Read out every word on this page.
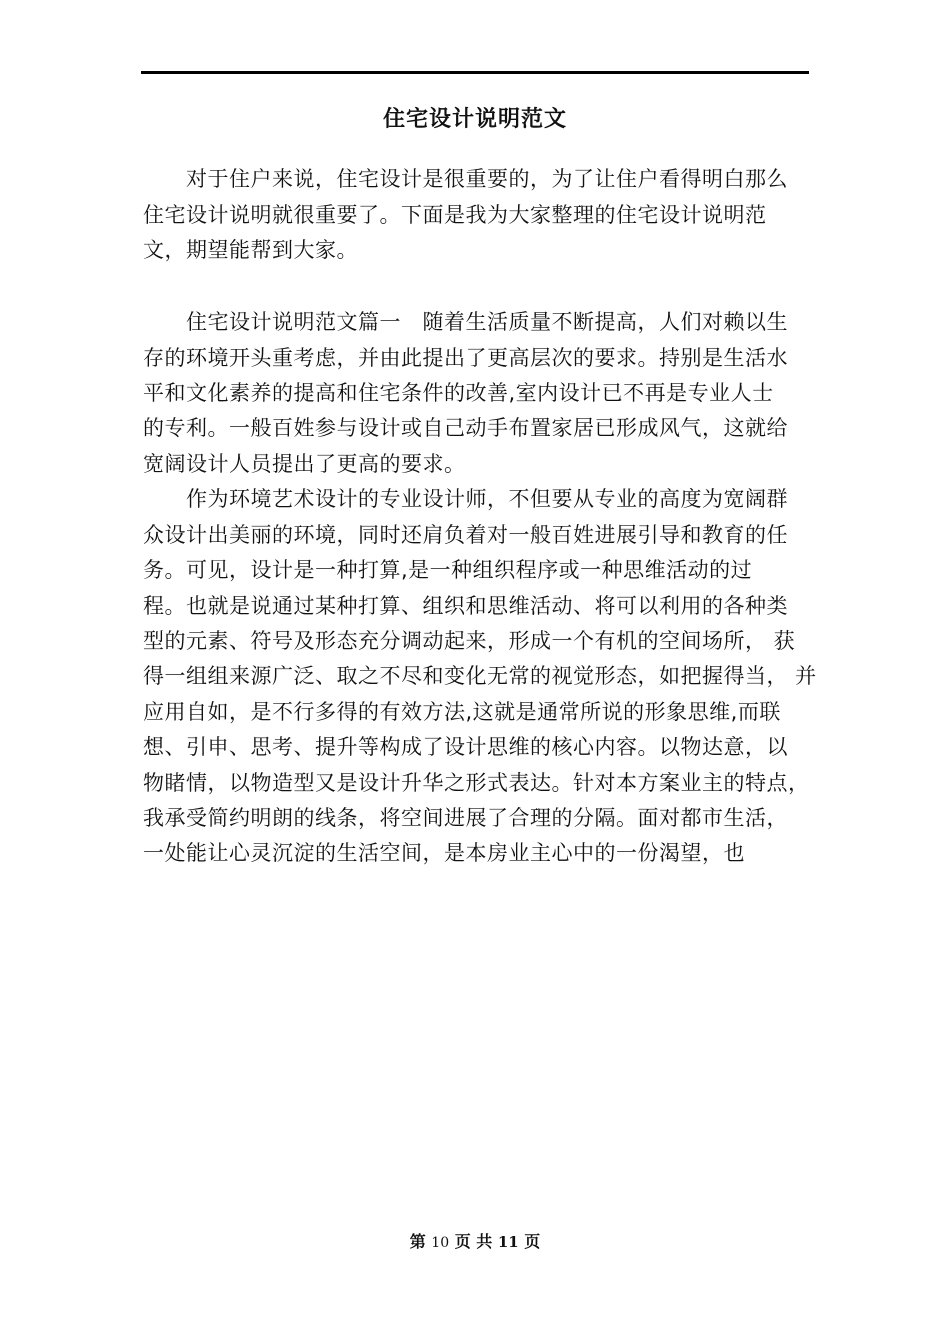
住宅设计说明范文
　　对于住户来说，住宅设计是很重要的，为了让住户看得明白那么
住宅设计说明就很重要了。下面是我为大家整理的住宅设计说明范
文，期望能帮到大家。
　　住宅设计说明范文篇一　随着生活质量不断提高，人们对赖以生
存的环境开头重考虑，并由此提出了更高层次的要求。持别是生活水
平和文化素养的提高和住宅条件的改善,室内设计已不再是专业人士
的专利。一般百姓参与设计或自己动手布置家居已形成风气，这就给
宽阔设计人员提出了更高的要求。
　　作为环境艺术设计的专业设计师，不但要从专业的高度为宽阔群
众设计出美丽的环境，同时还肩负着对一般百姓进展引导和教育的任
务。可见，设计是一种打算,是一种组织程序或一种思维活动的过
程。也就是说通过某种打算、组织和思维活动、将可以利用的各种类
型的元素、符号及形态充分调动起来，形成一个有机的空间场所， 获
得一组组来源广泛、取之不尽和变化无常的视觉形态，如把握得当， 并
应用自如，是不行多得的有效方法,这就是通常所说的形象思维,而联
想、引申、思考、提升等构成了设计思维的核心内容。以物达意，以
物睹情，以物造型又是设计升华之形式表达。针对本方案业主的特点，
我承受简约明朗的线条，将空间进展了合理的分隔。面对都市生活，
一处能让心灵沉淀的生活空间，是本房业主心中的一份渴望，也
第 10 页 共 11 页
